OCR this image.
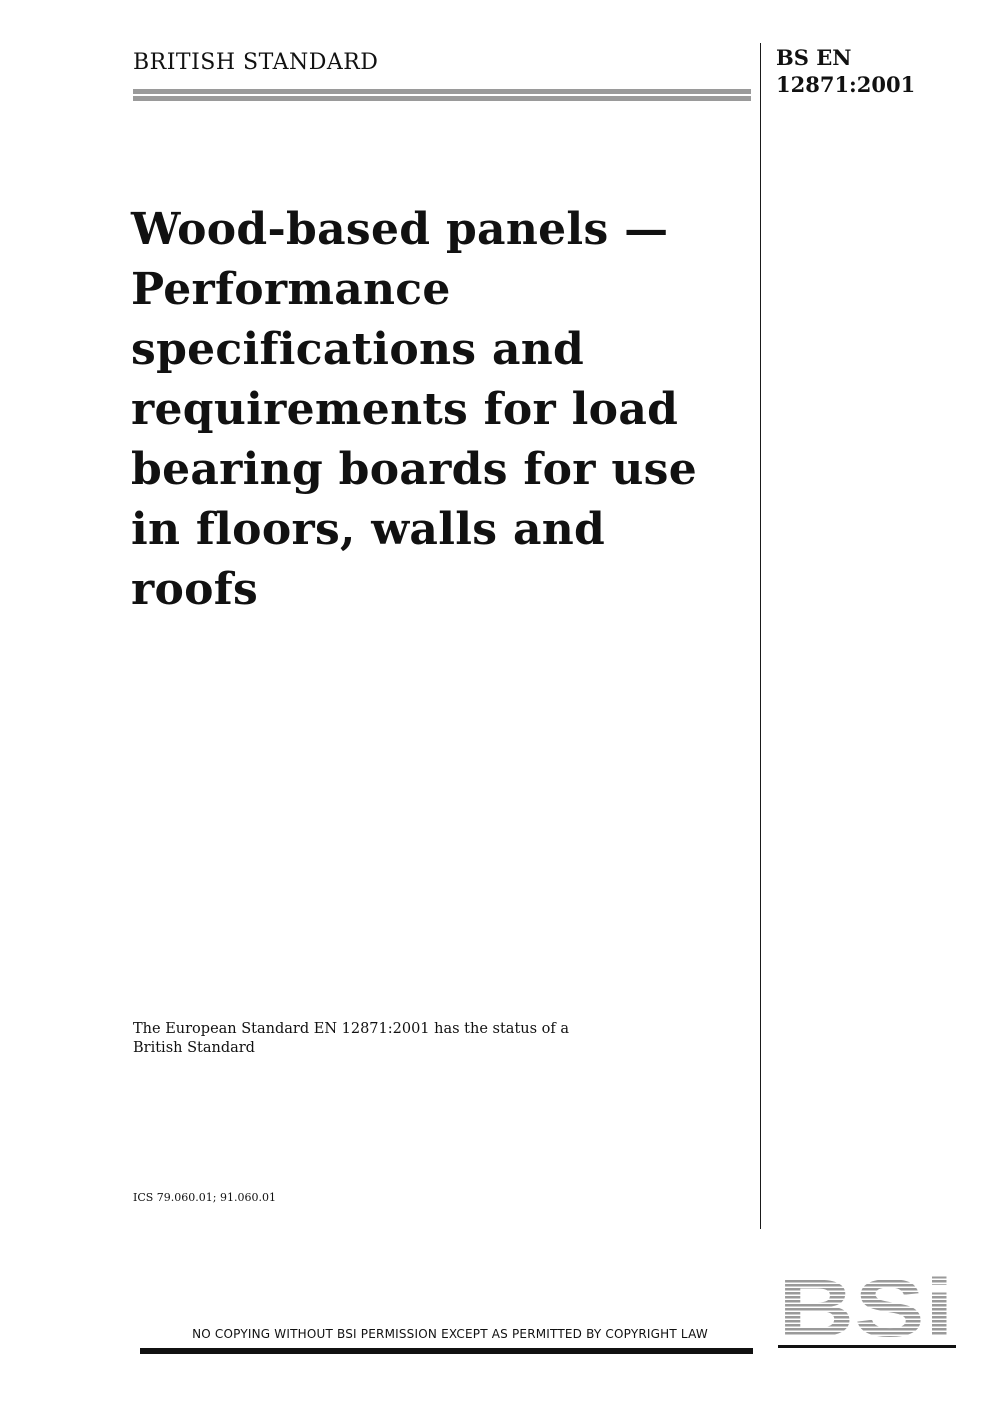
BRITISH STANDARD	BS EN
12871:2001
Wood-based panels —
Performance
specifications and
requirements for load
bearing boards for use
in floors, walls and
roofs
The European Standard EN 12871:2001 has the status of a
British Standard
ICS 79.060.01; 91.060.01
BSi
NO COPYING WITHOUT BSI PERMISSION EXCEPT AS PERMITTED BY COPYRIGHT LAW
